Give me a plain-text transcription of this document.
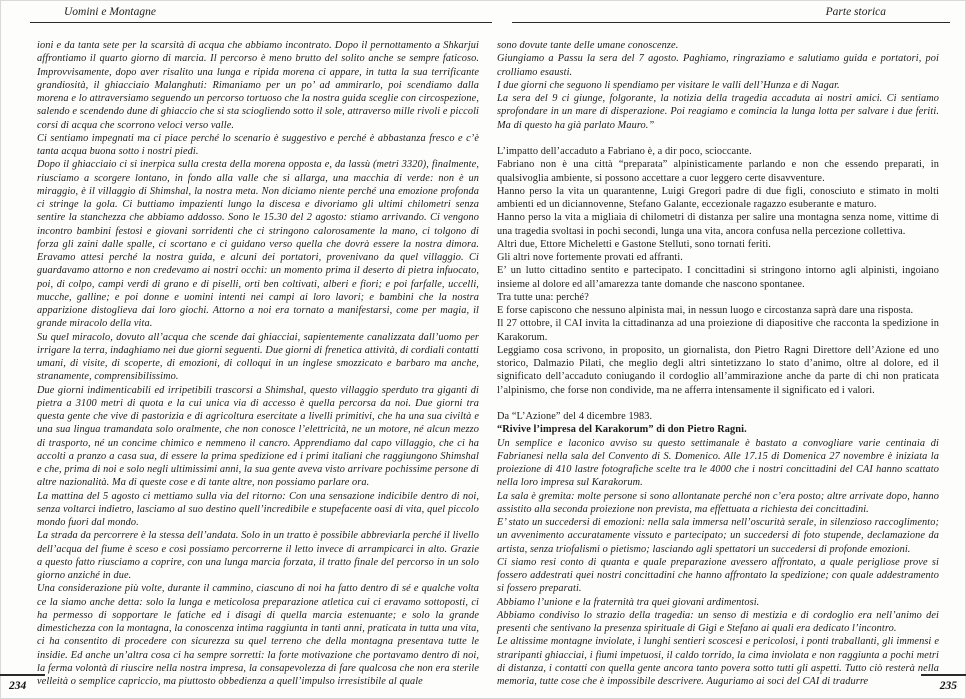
Uomini e Montagne	Parte storica

ioni e da tanta sete per la scarsità di acqua che abbiamo incontrato. Dopo il pernottamento a Shkarjui affrontiamo il quarto giorno di marcia. Il percorso è meno brutto del solito anche se sempre faticoso. Improvvisamente, dopo aver risalito una lunga e ripida morena ci appare, in tutta la sua terrificante grandiosità, il ghiacciaio Malanghuti: Rimaniamo per un po’ ad ammirarlo, poi scendiamo dalla morena e lo attraversiamo seguendo un percorso tortuoso che la nostra guida sceglie con circospezione, salendo e scendendo dune di ghiaccio che si sta sciogliendo sotto il sole, attraverso mille rivoli e piccoli corsi di acqua che scorrono veloci verso valle.

Ci sentiamo impegnati ma ci piace perché lo scenario è suggestivo e perché è abbastanza fresco e c’è tanta acqua buona sotto i nostri piedi.

Dopo il ghiacciaio ci si inerpica sulla cresta della morena opposta e, da lassù (metri 3320), finalmente, riusciamo a scorgere lontano, in fondo alla valle che si allarga, una macchia di verde: non è un miraggio, è il villaggio di Shimshal, la nostra meta. Non diciamo niente perché una emozione profonda ci stringe la gola. Ci buttiamo impazienti lungo la discesa e divoriamo gli ultimi chilometri senza sentire la stanchezza che abbiamo addosso. Sono le 15.30 del 2 agosto: stiamo arrivando. Ci vengono incontro bambini festosi e giovani sorridenti che ci stringono calorosamente la mano, ci tolgono di forza gli zaini dalle spalle, ci scortano e ci guidano verso quella che dovrà essere la nostra dimora. Eravamo attesi perché la nostra guida, e alcuni dei portatori, provenivano da quel villaggio. Ci guardavamo attorno e non credevamo ai nostri occhi: un momento prima il deserto di pietra infuocato, poi, di colpo, campi verdi di grano e di piselli, orti ben coltivati, alberi e fiori; e poi farfalle, uccelli, mucche, galline; e poi donne e uomini intenti nei campi ai loro lavori; e bambini che la nostra apparizione distoglieva dai loro giochi. Attorno a noi era tornato a manifestarsi, come per magia, il grande miracolo della vita.

Su quel miracolo, dovuto all’acqua che scende dai ghiacciai, sapientemente canalizzata dall’uomo per irrigare la terra, indaghiamo nei due giorni seguenti. Due giorni di frenetica attività, di cordiali contatti umani, di visite, di scoperte, di emozioni, di colloqui in un inglese smozzicato e barbaro ma anche, stranamente, comprensibilissimo.

Due giorni indimenticabili ed irripetibili trascorsi a Shimshal, questo villaggio sperduto tra giganti di pietra a 3100 metri di quota e la cui unica via di accesso è quella percorsa da noi. Due giorni tra questa gente che vive di pastorizia e di agricoltura esercitate a livelli primitivi, che ha una sua civiltà e una sua lingua tramandata solo oralmente, che non conosce l’elettricità, ne un motore, né alcun mezzo di trasporto, né un concime chimico e nemmeno il cancro. Apprendiamo dal capo villaggio, che ci ha accolti a pranzo a casa sua, di essere la prima spedizione ed i primi italiani che raggiungono Shimshal e che, prima di noi e solo negli ultimissimi anni, la sua gente aveva visto arrivare pochissime persone di altre nazionalità. Ma di queste cose e di tante altre, non possiamo parlare ora.

La mattina del 5 agosto ci mettiamo sulla via del ritorno: Con una sensazione indicibile dentro di noi, senza voltarci indietro, lasciamo al suo destino quell’incredibile e stupefacente oasi di vita, quel piccolo mondo fuori dal mondo.

La strada da percorrere è la stessa dell’andata. Solo in un tratto è possibile abbreviarla perché il livello dell’acqua del fiume è sceso e così possiamo percorrerne il letto invece di arrampicarci in alto. Grazie a questo fatto riusciamo a coprire, con una lunga marcia forzata, il tratto finale del percorso in un solo giorno anziché in due.

Una considerazione più volte, durante il cammino, ciascuno di noi ha fatto dentro di sé e qualche volta ce la siamo anche detta: solo la lunga e meticolosa preparazione atletica cui ci eravamo sottoposti, ci ha permesso di sopportare le fatiche ed i disagi di quella marcia estenuante; e solo la grande dimestichezza con la montagna, la conoscenza intima raggiunta in tanti anni, praticata in tutta una vita, ci ha consentito di procedere con sicurezza su quel terreno che della montagna presentava tutte le insidie. Ed anche un’altra cosa ci ha sempre sorretti: la forte motivazione che portavamo dentro di noi, la ferma volontà di riuscire nella nostra impresa, la consapevolezza di fare qualcosa che non era sterile velleità o semplice capriccio, ma piuttosto obbedienza a quell’impulso irresistibile al quale

sono dovute tante delle umane conoscenze.

Giungiamo a Passu la sera del 7 agosto. Paghiamo, ringraziamo e salutiamo guida e portatori, poi crolliamo esausti.

I due giorni che seguono li spendiamo per visitare le valli dell’Hunza e di Nagar.

La sera del 9 ci giunge, folgorante, la notizia della tragedia accaduta ai nostri amici. Ci sentiamo sprofondare in un mare di disperazione. Poi reagiamo e comincia la lunga lotta per salvare i due feriti. Ma di questo ha già parlato Mauro.”

L’impatto dell’accaduto a Fabriano è, a dir poco, scioccante.

Fabriano non è una città “preparata” alpinisticamente parlando e non che essendo preparati, in qualsivoglia ambiente, si possono accettare a cuor leggero certe disavventure.

Hanno perso la vita un quarantenne, Luigi Gregori padre di due figli, conosciuto e stimato in molti ambienti ed un diciannovenne, Stefano Galante, eccezionale ragazzo esuberante e maturo.

Hanno perso la vita a migliaia di chilometri di distanza per salire una montagna senza nome, vittime di una tragedia svoltasi in pochi secondi, lunga una vita, ancora confusa nella percezione collettiva.

Altri due, Ettore Micheletti e Gastone Stelluti, sono tornati feriti.

Gli altri nove fortemente provati ed affranti.

E’ un lutto cittadino sentito e partecipato. I concittadini si stringono intorno agli alpinisti, ingoiano insieme al dolore ed all’amarezza tante domande che nascono spontanee.

Tra tutte una: perché?

E forse capiscono che nessuno alpinista mai, in nessun luogo e circostanza saprà dare una risposta.

Il 27 ottobre, il CAI invita la cittadinanza ad una proiezione di diapositive che racconta la spedizione in Karakorum.

Leggiamo cosa scrivono, in proposito, un giornalista, don Pietro Ragni Direttore dell’Azione ed uno storico, Dalmazio Pilati, che meglio degli altri sintetizzano lo stato d’animo, oltre al dolore, ed il significato dell’accaduto coniugando il cordoglio all’ammirazione anche da parte di chi non praticata l’alpinismo, che forse non condivide, ma ne afferra intensamente il significato ed i valori.

Da “L’Azione” del 4 dicembre 1983.

“Rivive l’impresa del Karakorum” di don Pietro Ragni.

Un semplice e laconico avviso su questo settimanale è bastato a convogliare varie centinaia di Fabrianesi nella sala del Convento di S. Domenico. Alle 17.15 di Domenica 27 novembre è iniziata la proiezione di 410 lastre fotografiche scelte tra le 4000 che i nostri concittadini del CAI hanno scattato nella loro impresa sul Karakorum.

La sala è gremita: molte persone si sono allontanate perché non c’era posto; altre arrivate dopo, hanno assistito alla seconda proiezione non prevista, ma effettuata a richiesta dei concittadini.

E’ stato un succedersi di emozioni: nella sala immersa nell’oscurità serale, in silenzioso raccoglimento; un avvenimento accuratamente vissuto e partecipato; un succedersi di foto stupende, declamazione da artista, senza triofalismi o pietismo; lasciando agli spettatori un succedersi di profonde emozioni.

Ci siamo resi conto di quanta e quale preparazione avessero affrontato, a quale perigliose prove si fossero addestrati quei nostri concittadini che hanno affrontato la spedizione; con quale addestramento si fossero preparati.

Abbiamo l’unione e la fraternità tra quei giovani ardimentosi.

Abbiamo condiviso lo strazio della tragedia: un senso di mestizia e di cordoglio era nell’animo dei presenti che sentivano la presenza spirituale di Gigi e Stefano ai quali era dedicato l’incontro.

Le altissime montagne inviolate, i lunghi sentieri scoscesi e pericolosi, i ponti traballanti, gli immensi e straripanti ghiacciai, i fiumi impetuosi, il caldo torrido, la cima inviolata e non raggiunta a pochi metri di distanza, i contatti con quella gente ancora tanto povera sotto tutti gli aspetti. Tutto ciò resterà nella memoria, tutte cose che è impossibile descrivere. Auguriamo ai soci del CAI di tradurre

234	235
